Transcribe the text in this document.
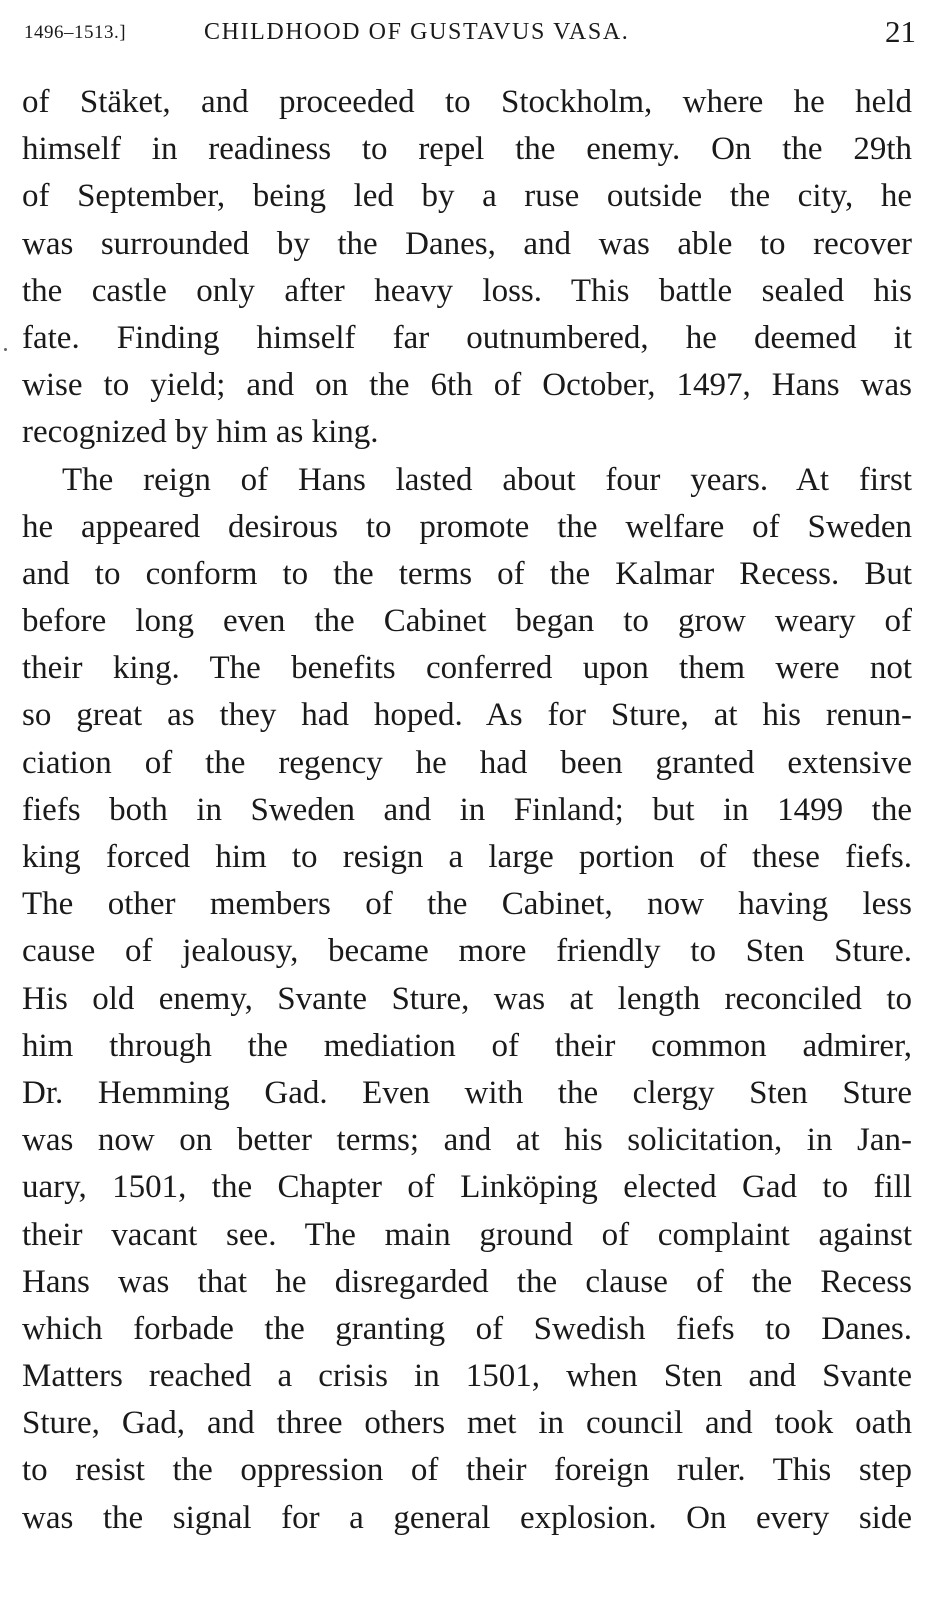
1496–1513.]	CHILDHOOD OF GUSTAVUS VASA.	21
of Stäket, and proceeded to Stockholm, where he held
himself in readiness to repel the enemy. On the 29th
of September, being led by a ruse outside the city, he
was surrounded by the Danes, and was able to recover
the castle only after heavy loss. This battle sealed his
fate. Finding himself far outnumbered, he deemed it
wise to yield; and on the 6th of October, 1497, Hans was
recognized by him as king.
The reign of Hans lasted about four years. At first
he appeared desirous to promote the welfare of Sweden
and to conform to the terms of the Kalmar Recess. But
before long even the Cabinet began to grow weary of
their king. The benefits conferred upon them were not
so great as they had hoped. As for Sture, at his renun-
ciation of the regency he had been granted extensive
fiefs both in Sweden and in Finland; but in 1499 the
king forced him to resign a large portion of these fiefs.
The other members of the Cabinet, now having less
cause of jealousy, became more friendly to Sten Sture.
His old enemy, Svante Sture, was at length reconciled to
him through the mediation of their common admirer,
Dr. Hemming Gad. Even with the clergy Sten Sture
was now on better terms; and at his solicitation, in Jan-
uary, 1501, the Chapter of Linköping elected Gad to fill
their vacant see. The main ground of complaint against
Hans was that he disregarded the clause of the Recess
which forbade the granting of Swedish fiefs to Danes.
Matters reached a crisis in 1501, when Sten and Svante
Sture, Gad, and three others met in council and took oath
to resist the oppression of their foreign ruler. This step
was the signal for a general explosion. On every side
